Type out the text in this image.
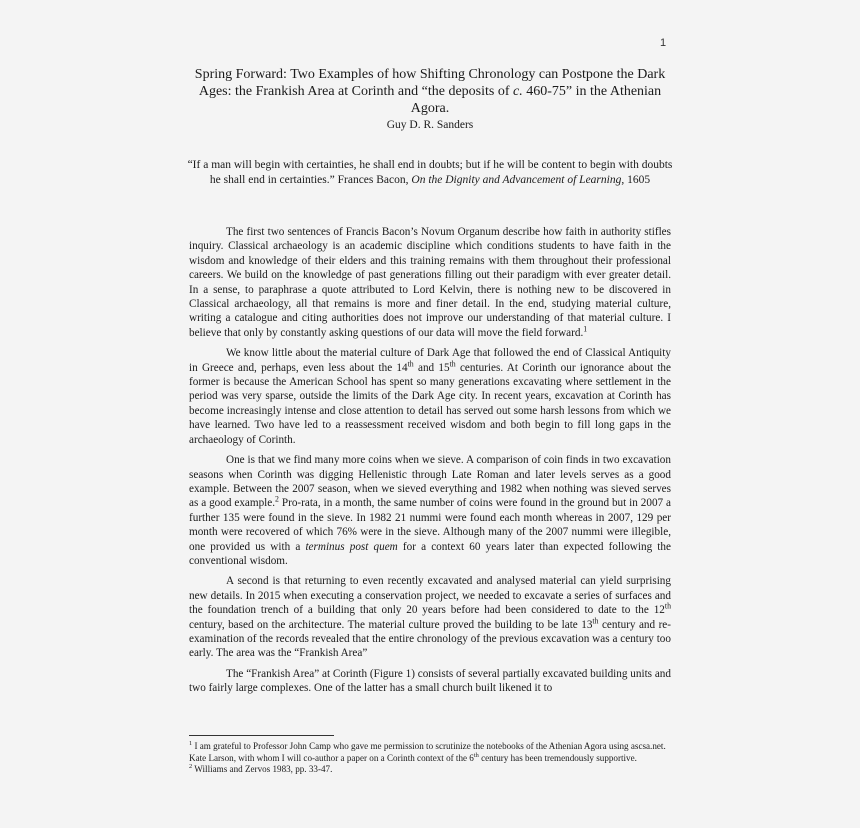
1
Spring Forward: Two Examples of how Shifting Chronology can Postpone the Dark Ages: the Frankish Area at Corinth and “the deposits of c. 460-75” in the Athenian Agora.
Guy D. R. Sanders
“If a man will begin with certainties, he shall end in doubts; but if he will be content to begin with doubts he shall end in certainties.” Frances Bacon, On the Dignity and Advancement of Learning, 1605

The first two sentences of Francis Bacon’s Novum Organum describe how faith in authority stifles inquiry. Classical archaeology is an academic discipline which conditions students to have faith in the wisdom and knowledge of their elders and this training remains with them throughout their professional careers. We build on the knowledge of past generations filling out their paradigm with ever greater detail. In a sense, to paraphrase a quote attributed to Lord Kelvin, there is nothing new to be discovered in Classical archaeology, all that remains is more and finer detail. In the end, studying material culture, writing a catalogue and citing authorities does not improve our understanding of that material culture. I believe that only by constantly asking questions of our data will move the field forward.$^1$

We know little about the material culture of Dark Age that followed the end of Classical Antiquity in Greece and, perhaps, even less about the 14th and 15th centuries. At Corinth our ignorance about the former is because the American School has spent so many generations excavating where settlement in the period was very sparse, outside the limits of the Dark Age city. In recent years, excavation at Corinth has become increasingly intense and close attention to detail has served out some harsh lessons from which we have learned. Two have led to a reassessment received wisdom and both begin to fill long gaps in the archaeology of Corinth.

One is that we find many more coins when we sieve. A comparison of coin finds in two excavation seasons when Corinth was digging Hellenistic through Late Roman and later levels serves as a good example. Between the 2007 season, when we sieved everything and 1982 when nothing was sieved serves as a good example.$^2$ Pro-rata, in a month, the same number of coins were found in the ground but in 2007 a further 135 were found in the sieve. In 1982 21 nummi were found each month whereas in 2007, 129 per month were recovered of which 76% were in the sieve. Although many of the 2007 nummi were illegible, one provided us with a terminus post quem for a context 60 years later than expected following the conventional wisdom.

A second is that returning to even recently excavated and analysed material can yield surprising new details. In 2015 when executing a conservation project, we needed to excavate a series of surfaces and the foundation trench of a building that only 20 years before had been considered to date to the 12th century, based on the architecture. The material culture proved the building to be late 13th century and re-examination of the records revealed that the entire chronology of the previous excavation was a century too early. The area was the “Frankish Area”

The “Frankish Area” at Corinth (Figure 1) consists of several partially excavated building units and two fairly large complexes. One of the latter has a small church built likened it to

$^1$ I am grateful to Professor John Camp who gave me permission to scrutinize the notebooks of the Athenian Agora using ascsa.net. Kate Larson, with whom I will co-author a paper on a Corinth context of the 6th century has been tremendously supportive.

$^2$ Williams and Zervos 1983, pp. 33-47.
